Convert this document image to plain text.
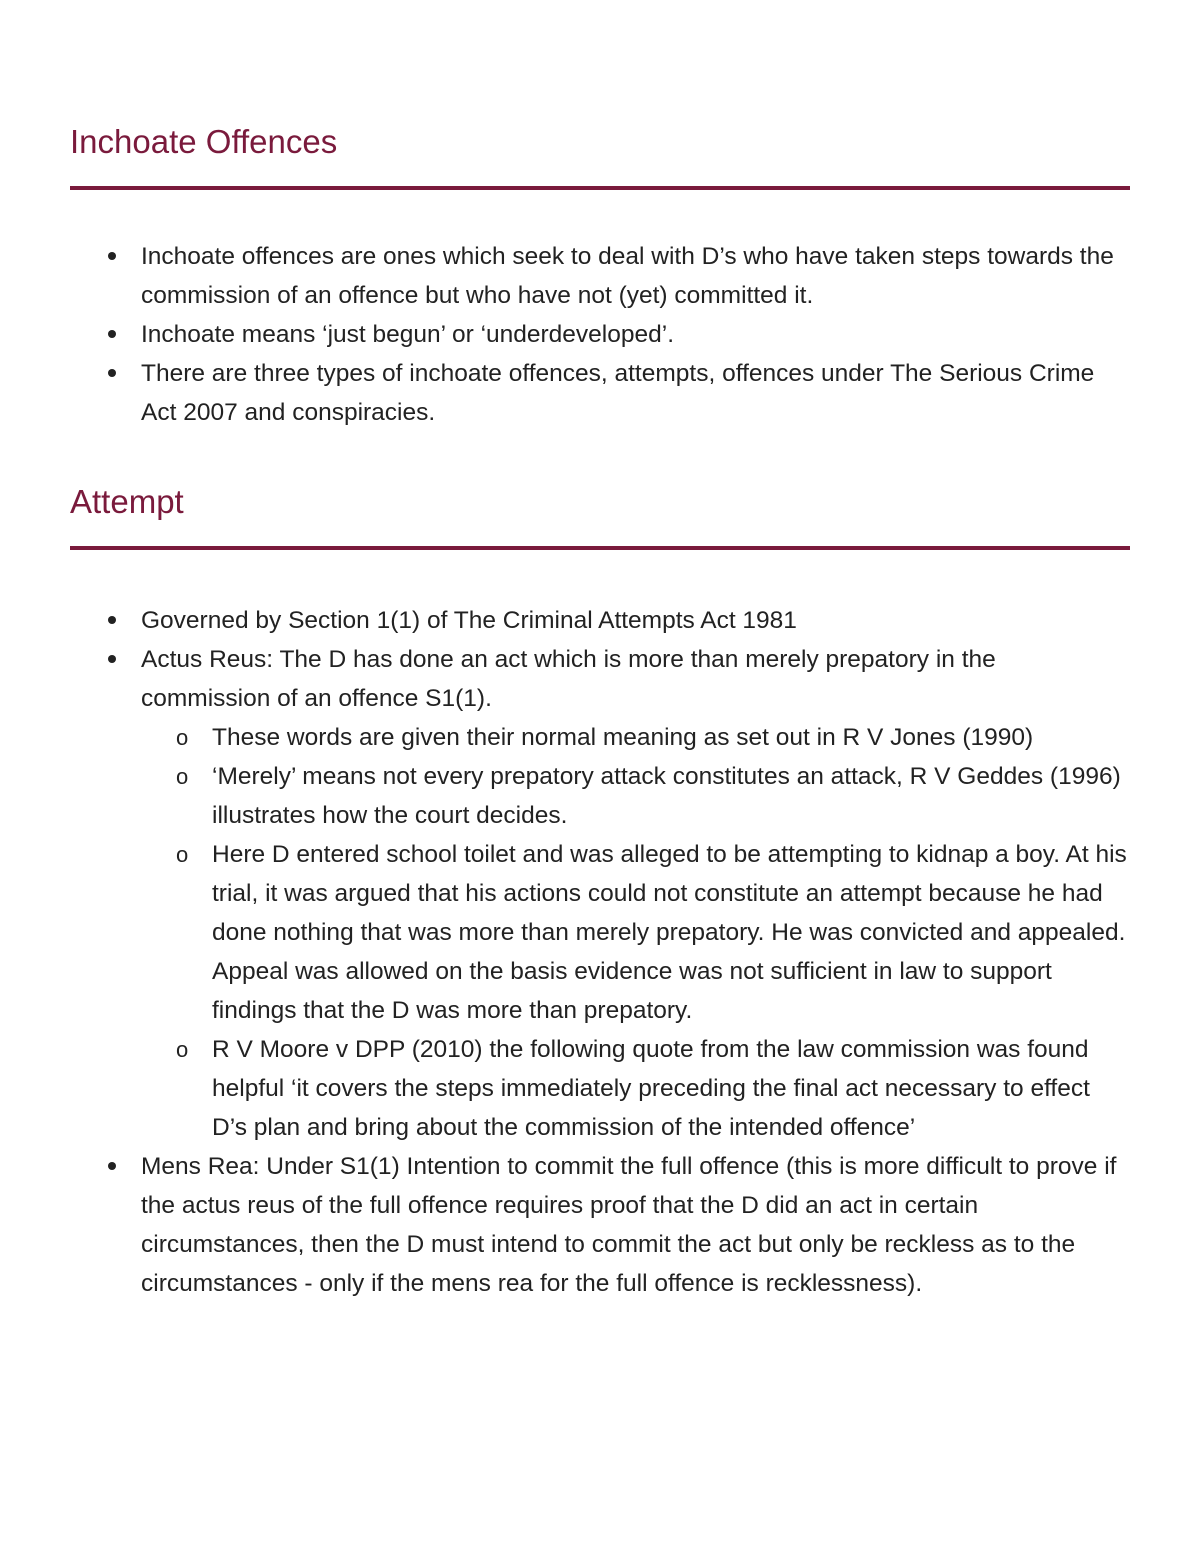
Inchoate Offences
Inchoate offences are ones which seek to deal with D’s who have taken steps towards the commission of an offence but who have not (yet) committed it.
Inchoate means ‘just begun’ or ‘underdeveloped’.
There are three types of inchoate offences, attempts, offences under The Serious Crime Act 2007 and conspiracies.
Attempt
Governed by Section 1(1) of The Criminal Attempts Act 1981
Actus Reus: The D has done an act which is more than merely prepatory in the commission of an offence S1(1).
o These words are given their normal meaning as set out in R V Jones (1990)
o ‘Merely’ means not every prepatory attack constitutes an attack, R V Geddes (1996) illustrates how the court decides.
o Here D entered school toilet and was alleged to be attempting to kidnap a boy. At his trial, it was argued that his actions could not constitute an attempt because he had done nothing that was more than merely prepatory. He was convicted and appealed. Appeal was allowed on the basis evidence was not sufficient in law to support findings that the D was more than prepatory.
o R V Moore v DPP (2010) the following quote from the law commission was found helpful ‘it covers the steps immediately preceding the final act necessary to effect D’s plan and bring about the commission of the intended offence’
Mens Rea: Under S1(1) Intention to commit the full offence (this is more difficult to prove if the actus reus of the full offence requires proof that the D did an act in certain circumstances, then the D must intend to commit the act but only be reckless as to the circumstances - only if the mens rea for the full offence is recklessness).
